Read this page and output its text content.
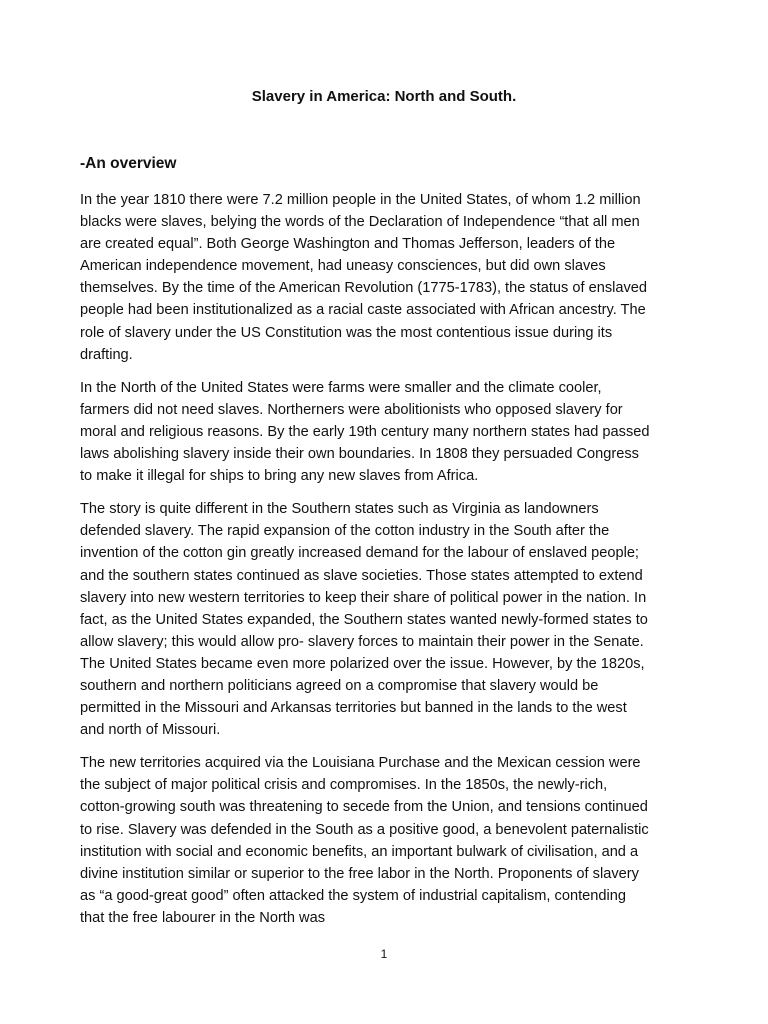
Slavery in America: North and South.
-An overview

In the year 1810 there were 7.2 million people in the United States, of whom 1.2 million blacks were slaves, belying the words of the Declaration of Independence “that all men are created equal”. Both George Washington and Thomas Jefferson, leaders of the American independence movement, had uneasy consciences, but did own slaves themselves. By the time of the American Revolution (1775-1783), the status of enslaved people had been institutionalized as a racial caste associated with African ancestry. The role of slavery under the US Constitution was the most contentious issue during its drafting.

In the North of the United States were farms were smaller and the climate cooler, farmers did not need slaves. Northerners were abolitionists who opposed slavery for moral and religious reasons. By the early 19th century many northern states had passed laws abolishing slavery inside their own boundaries. In 1808 they persuaded Congress to make it illegal for ships to bring any new slaves from Africa.

The story is quite different in the Southern states such as Virginia as landowners defended slavery. The rapid expansion of the cotton industry in the South after the invention of the cotton gin greatly increased demand for the labour of enslaved people; and the southern states continued as slave societies. Those states attempted to extend slavery into new western territories to keep their share of political power in the nation. In fact, as the United States expanded, the Southern states wanted newly-formed states to allow slavery; this would allow pro- slavery forces to maintain their power in the Senate. The United States became even more polarized over the issue. However, by the 1820s, southern and northern politicians agreed on a compromise that slavery would be permitted in the Missouri and Arkansas territories but banned in the lands to the west and north of Missouri.

The new territories acquired via the Louisiana Purchase and the Mexican cession were the subject of major political crisis and compromises. In the 1850s, the newly-rich, cotton-growing south was threatening to secede from the Union, and tensions continued to rise. Slavery was defended in the South as a positive good, a benevolent paternalistic institution with social and economic benefits, an important bulwark of civilisation, and a divine institution similar or superior to the free labor in the North. Proponents of slavery as “a good-great good” often attacked the system of industrial capitalism, contending that the free labourer in the North was

1
